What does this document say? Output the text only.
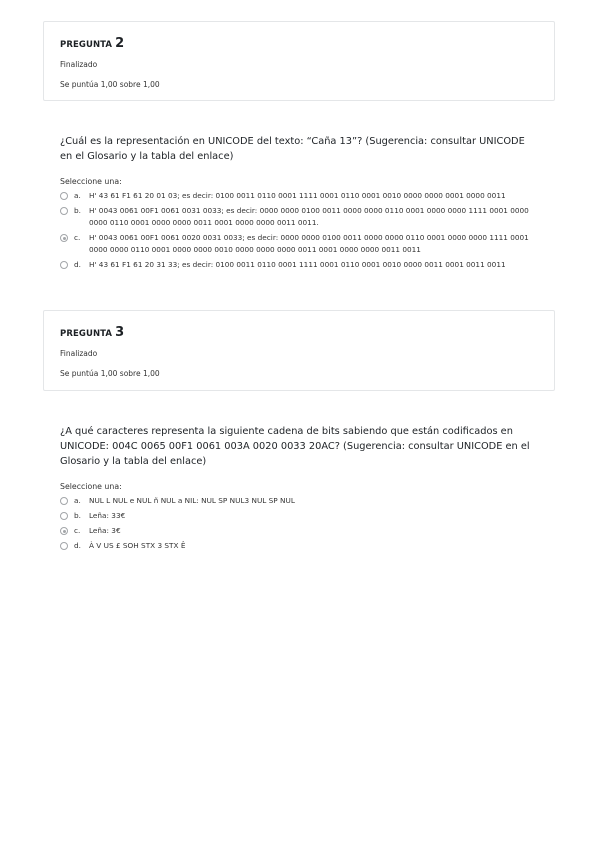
PREGUNTA 2
Finalizado
Se puntúa 1,00 sobre 1,00
¿Cuál es la representación en UNICODE del texto: “Caña 13”? (Sugerencia: consultar UNICODE en el Glosario y la tabla del enlace)
Seleccione una:
a.	H' 43 61 F1 61 20 01 03; es decir: 0100 0011 0110 0001 1111 0001 0110 0001 0010 0000 0000 0001 0000 0011
b.	H' 0043 0061 00F1 0061 0031 0033; es decir: 0000 0000 0100 0011 0000 0000 0110 0001 0000 0000 1111 0001 0000 0000 0110 0001 0000 0000 0011 0001 0000 0000 0011 0011.
c.	H' 0043 0061 00F1 0061 0020 0031 0033; es decir: 0000 0000 0100 0011 0000 0000 0110 0001 0000 0000 1111 0001 0000 0000 0110 0001 0000 0000 0010 0000 0000 0000 0011 0001 0000 0000 0011 0011
d.	H' 43 61 F1 61 20 31 33; es decir: 0100 0011 0110 0001 1111 0001 0110 0001 0010 0000 0011 0001 0011 0011
PREGUNTA 3
Finalizado
Se puntúa 1,00 sobre 1,00
¿A qué caracteres representa la siguiente cadena de bits sabiendo que están codificados en UNICODE: 004C 0065 00F1 0061 003A 0020 0033 20AC? (Sugerencia: consultar UNICODE en el Glosario y la tabla del enlace)
Seleccione una:
a.	NUL L NUL e NUL ñ NUL a NIL: NUL SP NUL3 NUL SP NUL
b.	Leña: 33€
c.	Leña: 3€
d.	À V US £ SOH STX 3 STX Ê
